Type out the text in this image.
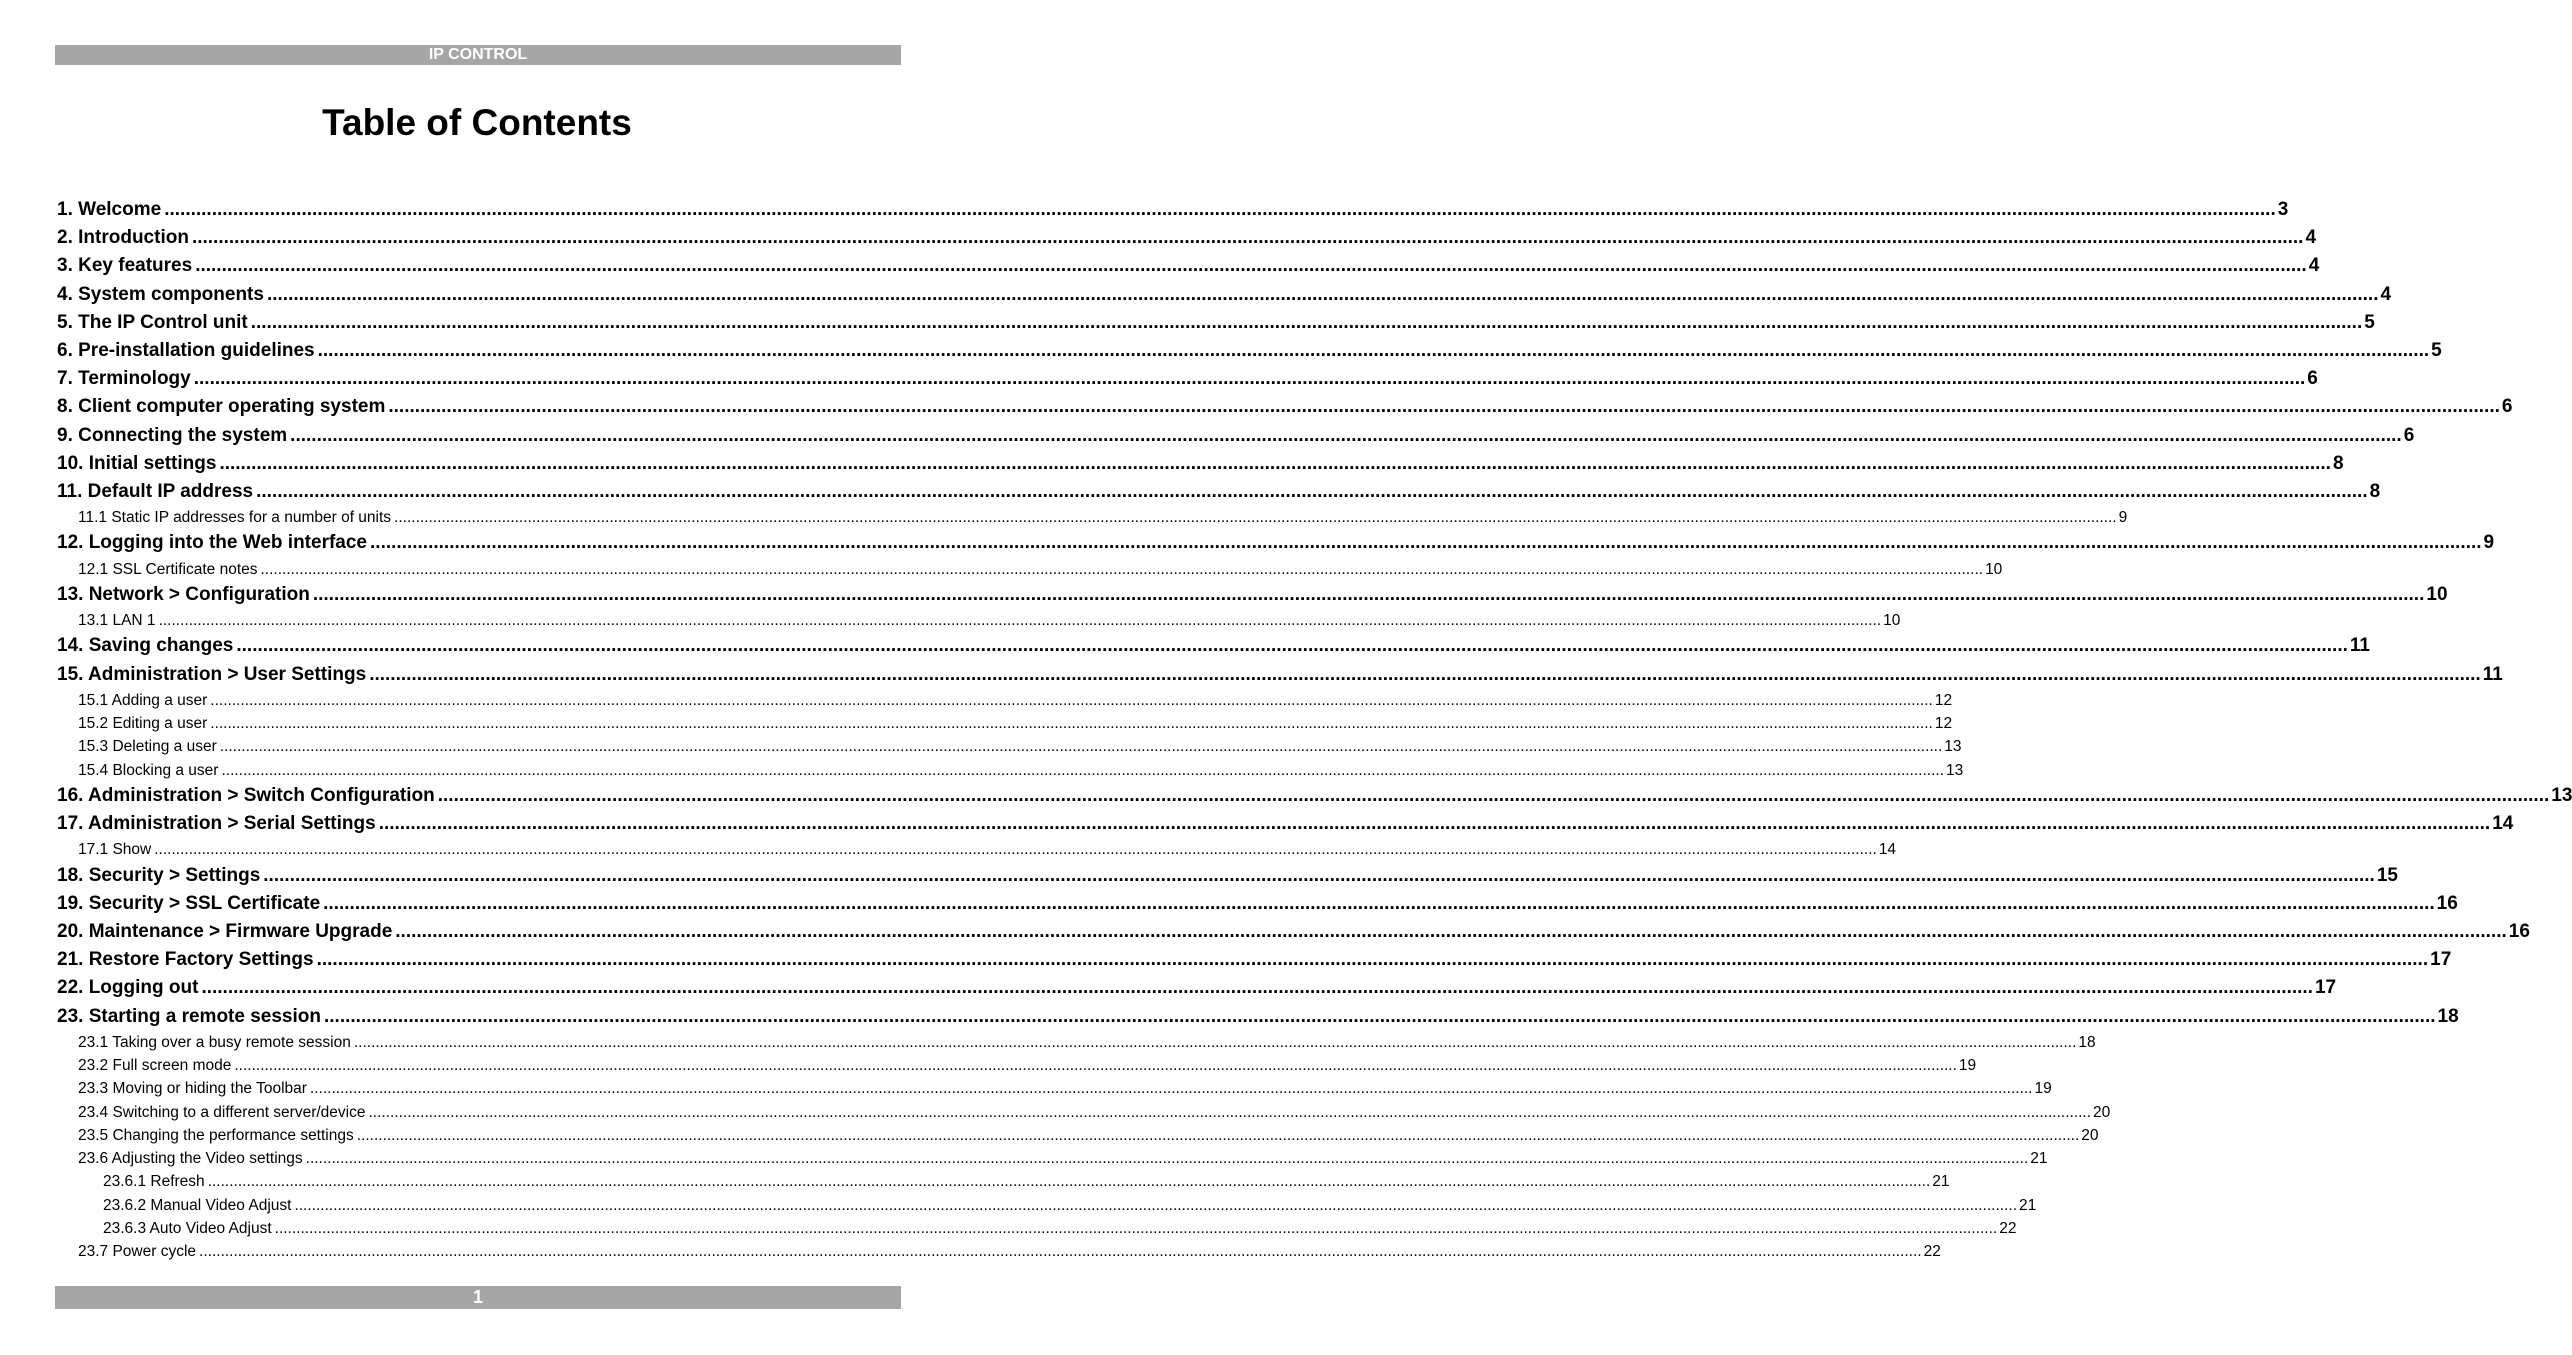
IP CONTROL
Table of Contents
1. Welcome ................................................................................................................................................................................................................................................................................................................................................................................................................ 3
2. Introduction ................................................................................................................................................................................................................................................................................................................................................................................................................ 4
3. Key features ................................................................................................................................................................................................................................................................................................................................................................................................................ 4
4. System components ................................................................................................................................................................................................................................................................................................................................................................................................................ 4
5. The IP Control unit ................................................................................................................................................................................................................................................................................................................................................................................................................ 5
6. Pre-installation guidelines ................................................................................................................................................................................................................................................................................................................................................................................................................ 5
7. Terminology ................................................................................................................................................................................................................................................................................................................................................................................................................ 6
8. Client computer operating system ................................................................................................................................................................................................................................................................................................................................................................................................................ 6
9. Connecting the system ................................................................................................................................................................................................................................................................................................................................................................................................................ 6
10. Initial settings ................................................................................................................................................................................................................................................................................................................................................................................................................ 8
11. Default IP address ................................................................................................................................................................................................................................................................................................................................................................................................................ 8
11.1 Static IP addresses for a number of units ................................................................................................................................................................................................................................................................................................................................................................................................................ 9
12. Logging into the Web interface ................................................................................................................................................................................................................................................................................................................................................................................................................ 9
12.1 SSL Certificate notes ................................................................................................................................................................................................................................................................................................................................................................................................................ 10
13. Network > Configuration ................................................................................................................................................................................................................................................................................................................................................................................................................ 10
13.1 LAN 1 ................................................................................................................................................................................................................................................................................................................................................................................................................ 10
14. Saving changes ................................................................................................................................................................................................................................................................................................................................................................................................................ 11
15. Administration > User Settings ................................................................................................................................................................................................................................................................................................................................................................................................................ 11
15.1 Adding a user ................................................................................................................................................................................................................................................................................................................................................................................................................ 12
15.2 Editing a user ................................................................................................................................................................................................................................................................................................................................................................................................................ 12
15.3 Deleting a user ................................................................................................................................................................................................................................................................................................................................................................................................................ 13
15.4 Blocking a user ................................................................................................................................................................................................................................................................................................................................................................................................................ 13
16. Administration > Switch Configuration ................................................................................................................................................................................................................................................................................................................................................................................................................ 13
17. Administration > Serial Settings ................................................................................................................................................................................................................................................................................................................................................................................................................ 14
17.1 Show ................................................................................................................................................................................................................................................................................................................................................................................................................ 14
18. Security > Settings ................................................................................................................................................................................................................................................................................................................................................................................................................ 15
19. Security > SSL Certificate ................................................................................................................................................................................................................................................................................................................................................................................................................ 16
20. Maintenance > Firmware Upgrade ................................................................................................................................................................................................................................................................................................................................................................................................................ 16
21. Restore Factory Settings ................................................................................................................................................................................................................................................................................................................................................................................................................ 17
22. Logging out ................................................................................................................................................................................................................................................................................................................................................................................................................ 17
23. Starting a remote session ................................................................................................................................................................................................................................................................................................................................................................................................................ 18
23.1 Taking over a busy remote session ................................................................................................................................................................................................................................................................................................................................................................................................................ 18
23.2 Full screen mode ................................................................................................................................................................................................................................................................................................................................................................................................................ 19
23.3 Moving or hiding the Toolbar ................................................................................................................................................................................................................................................................................................................................................................................................................ 19
23.4 Switching to a different server/device ................................................................................................................................................................................................................................................................................................................................................................................................................ 20
23.5 Changing the performance settings ................................................................................................................................................................................................................................................................................................................................................................................................................ 20
23.6 Adjusting the Video settings ................................................................................................................................................................................................................................................................................................................................................................................................................ 21
23.6.1 Refresh ................................................................................................................................................................................................................................................................................................................................................................................................................ 21
23.6.2 Manual Video Adjust ................................................................................................................................................................................................................................................................................................................................................................................................................ 21
23.6.3 Auto Video Adjust ................................................................................................................................................................................................................................................................................................................................................................................................................ 22
23.7 Power cycle ................................................................................................................................................................................................................................................................................................................................................................................................................ 22
1
